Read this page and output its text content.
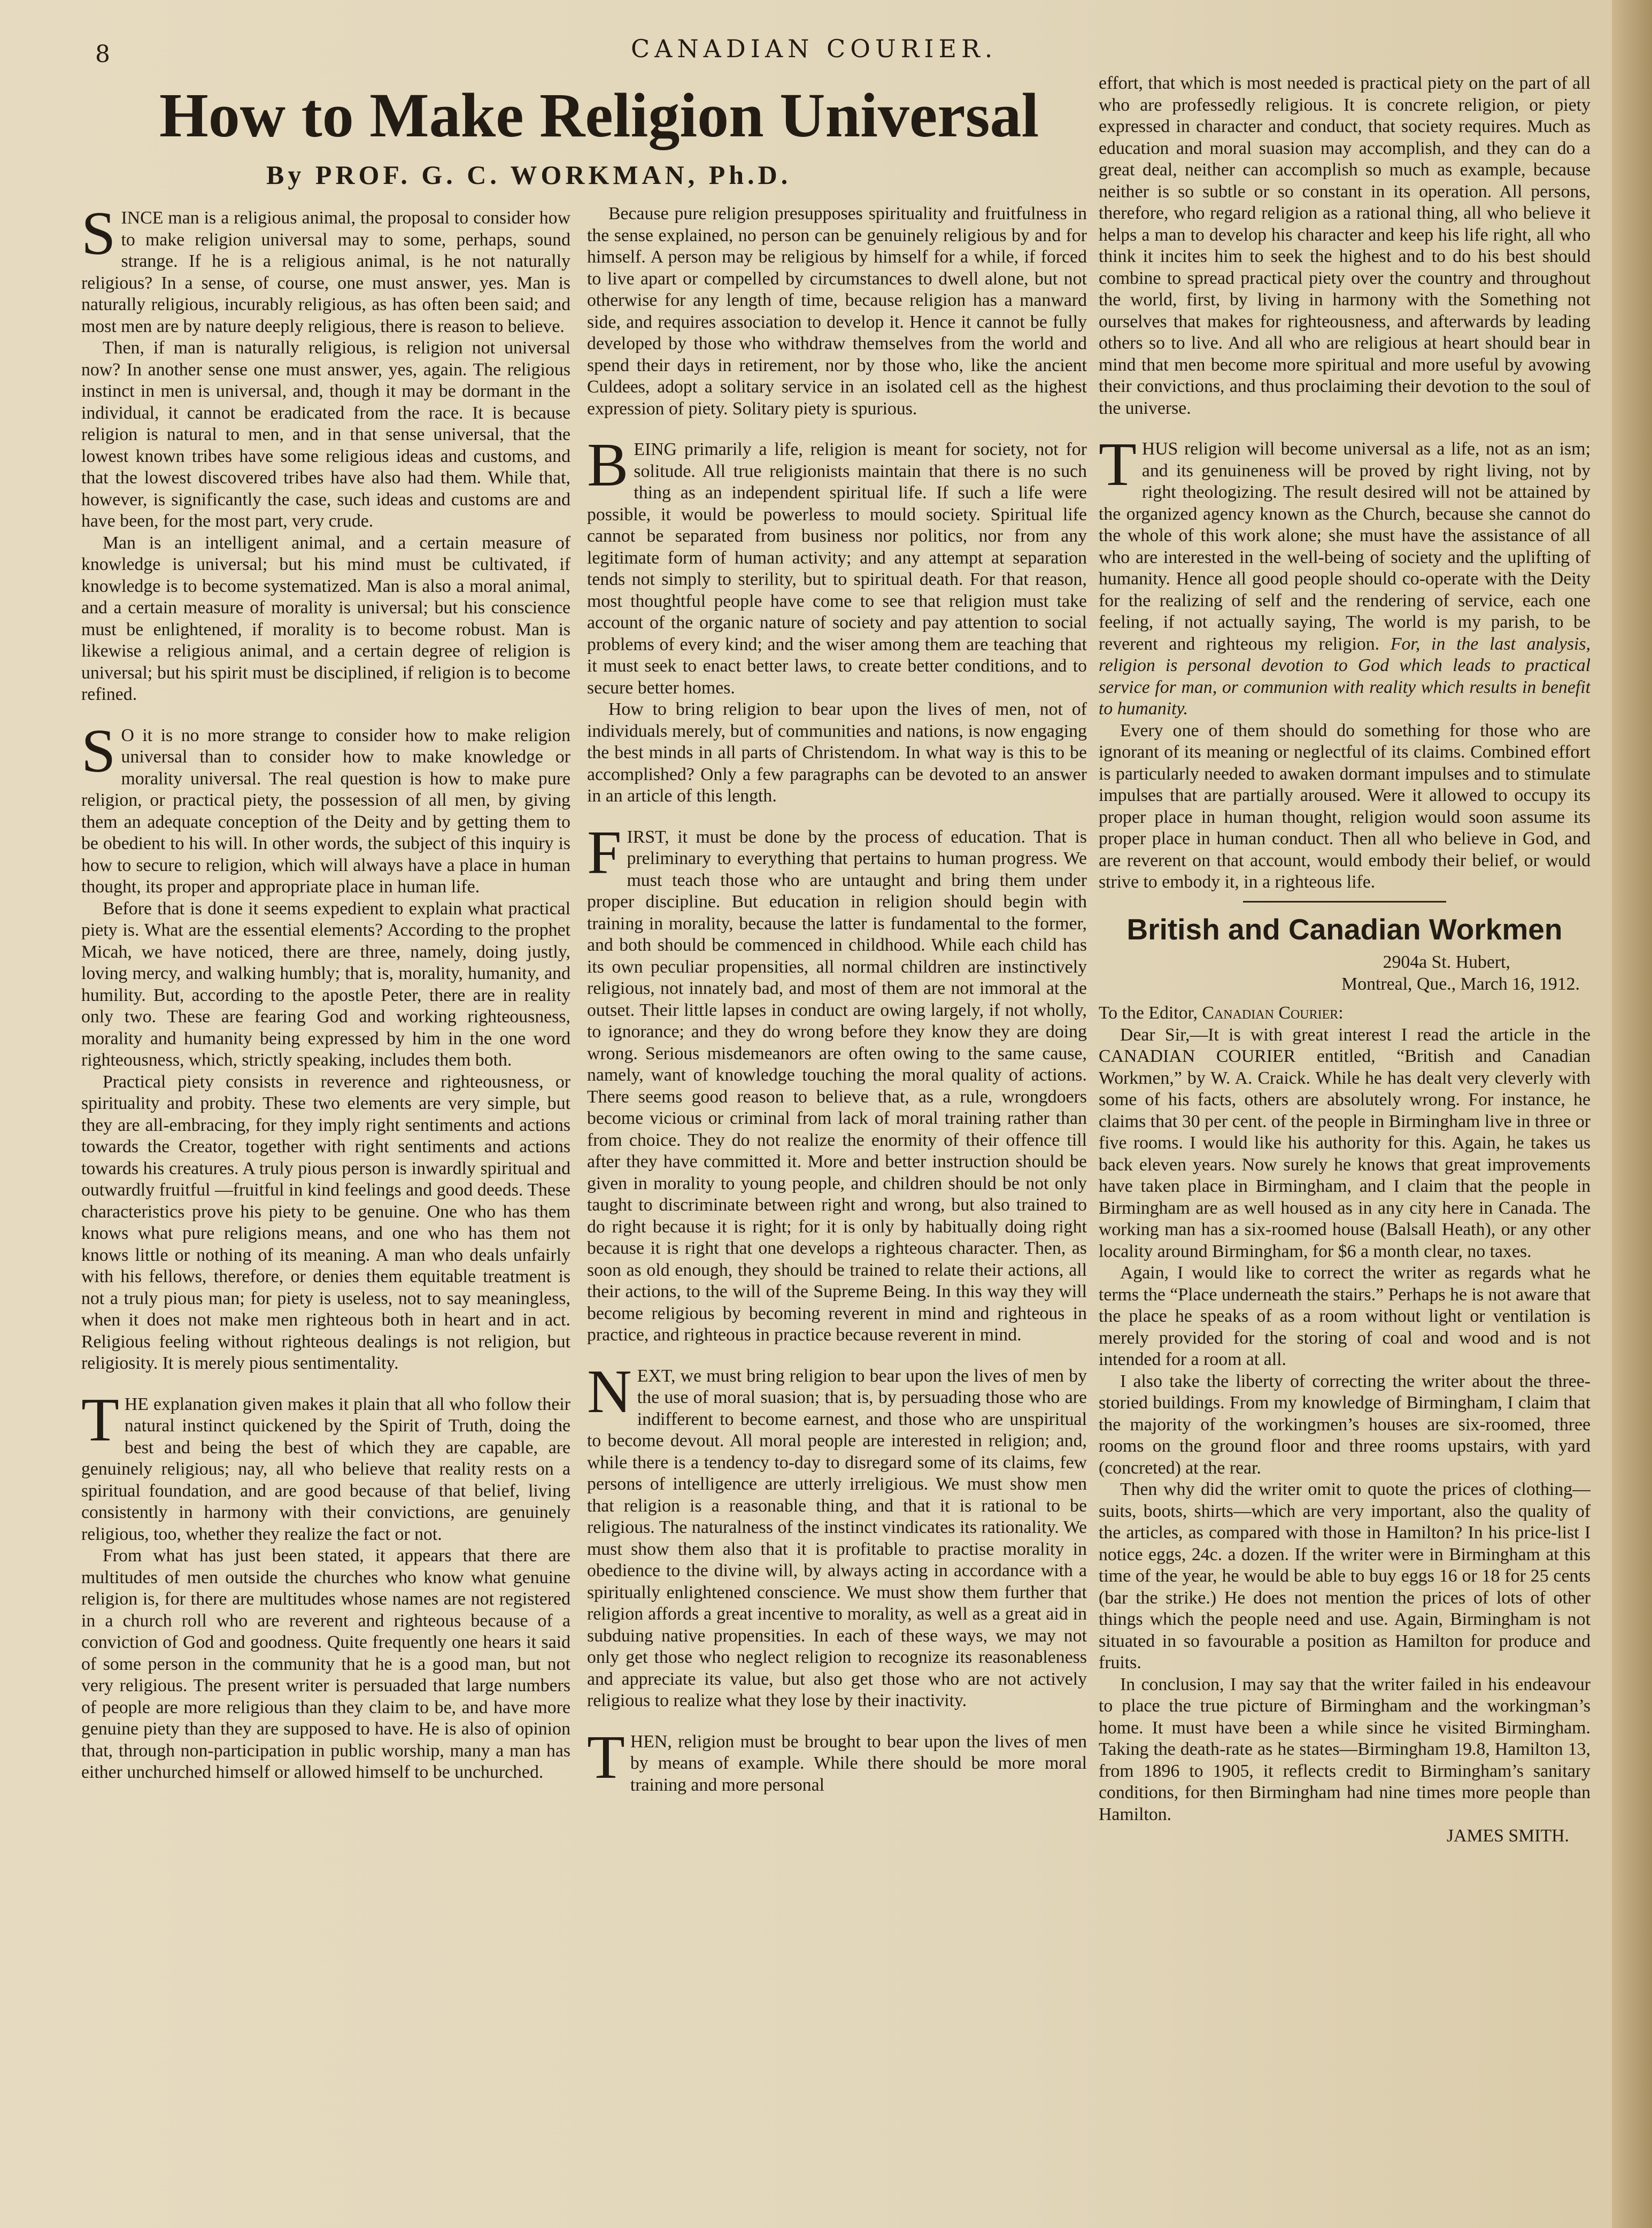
8	CANADIAN COURIER.
How to Make Religion Universal
By PROF. G. C. WORKMAN, Ph.D.

SINCE man is a religious animal, the proposal to consider how to make religion universal may to some, perhaps, sound strange. If he is a religious animal, is he not naturally religious? In a sense, of course, one must answer, yes. Man is naturally religious, incurably religious, as has often been said; and most men are by nature deeply religious, there is reason to believe.

Then, if man is naturally religious, is religion not universal now? In another sense one must answer, yes, again. The religious instinct in men is universal, and, though it may be dormant in the individual, it cannot be eradicated from the race. It is because religion is natural to men, and in that sense universal, that the lowest known tribes have some religious ideas and customs, and that the lowest discovered tribes have also had them. While that, however, is significantly the case, such ideas and customs are and have been, for the most part, very crude.

Man is an intelligent animal, and a certain measure of knowledge is universal; but his mind must be cultivated, if knowledge is to become systematized. Man is also a moral animal, and a certain measure of morality is universal; but his conscience must be enlightened, if morality is to become robust. Man is likewise a religious animal, and a certain degree of religion is universal; but his spirit must be disciplined, if religion is to become refined.

S O it is no more strange to consider how to make religion universal than to consider how to make knowledge or morality universal. The real question is how to make pure religion, or practical piety, the possession of all men, by giving them an adequate conception of the Deity and by getting them to be obedient to his will. In other words, the subject of this inquiry is how to secure to religion, which will always have a place in human thought, its proper and appropriate place in human life.

Before that is done it seems expedient to explain what practical piety is. What are the essential elements? According to the prophet Micah, we have noticed, there are three, namely, doing justly, loving mercy, and walking humbly; that is, morality, humanity, and humility. But, according to the apostle Peter, there are in reality only two. These are fearing God and working righteousness, morality and humanity being expressed by him in the one word righteousness, which, strictly speaking, includes them both.

Practical piety consists in reverence and righteousness, or spirituality and probity. These two elements are very simple, but they are all-embracing, for they imply right sentiments and actions towards the Creator, together with right sentiments and actions towards his creatures. A truly pious person is inwardly spiritual and outwardly fruitful —fruitful in kind feelings and good deeds. These characteristics prove his piety to be genuine. One who has them knows what pure religions means, and one who has them not knows little or nothing of its meaning. A man who deals unfairly with his fellows, therefore, or denies them equitable treatment is not a truly pious man; for piety is useless, not to say meaningless, when it does not make men righteous both in heart and in act. Religious feeling without righteous dealings is not religion, but religiosity. It is merely pious sentimentality.

THE explanation given makes it plain that all who follow their natural instinct quickened by the Spirit of Truth, doing the best and being the best of which they are capable, are genuinely religious; nay, all who believe that reality rests on a spiritual foundation, and are good because of that belief, living consistently in harmony with their convictions, are genuinely religious, too, whether they realize the fact or not.

From what has just been stated, it appears that there are multitudes of men outside the churches who know what genuine religion is, for there are multitudes whose names are not registered in a church roll who are reverent and righteous because of a conviction of God and goodness. Quite frequently one hears it said of some person in the community that he is a good man, but not very religious. The present writer is persuaded that large numbers of people are more religious than they claim to be, and have more genuine piety than they are supposed to have. He is also of opinion that, through non-participation in public worship, many a man has either unchurched himself or allowed himself to be unchurched.

Because pure religion presupposes spirituality and fruitfulness in the sense explained, no person can be genuinely religious by and for himself. A person may be religious by himself for a while, if forced to live apart or compelled by circumstances to dwell alone, but not otherwise for any length of time, because religion has a manward side, and requires association to develop it. Hence it cannot be fully developed by those who withdraw themselves from the world and spend their days in retirement, nor by those who, like the ancient Culdees, adopt a solitary service in an isolated cell as the highest expression of piety. Solitary piety is spurious.

BEING primarily a life, religion is meant for society, not for solitude. All true religionists maintain that there is no such thing as an independent spiritual life. If such a life were possible, it would be powerless to mould society. Spiritual life cannot be separated from business nor politics, nor from any legitimate form of human activity; and any attempt at separation tends not simply to sterility, but to spiritual death. For that reason, most thoughtful people have come to see that religion must take account of the organic nature of society and pay attention to social problems of every kind; and the wiser among them are teaching that it must seek to enact better laws, to create better conditions, and to secure better homes.

How to bring religion to bear upon the lives of men, not of individuals merely, but of communities and nations, is now engaging the best minds in all parts of Christendom. In what way is this to be accomplished? Only a few paragraphs can be devoted to an answer in an article of this length.

FIRST, it must be done by the process of education. That is preliminary to everything that pertains to human progress. We must teach those who are untaught and bring them under proper discipline. But education in religion should begin with training in morality, because the latter is fundamental to the former, and both should be commenced in childhood. While each child has its own peculiar propensities, all normal children are instinctively religious, not innately bad, and most of them are not immoral at the outset. Their little lapses in conduct are owing largely, if not wholly, to ignorance; and they do wrong before they know they are doing wrong. Serious misdemeanors are often owing to the same cause, namely, want of knowledge touching the moral quality of actions. There seems good reason to believe that, as a rule, wrongdoers become vicious or criminal from lack of moral training rather than from choice. They do not realize the enormity of their offence till after they have committed it. More and better instruction should be given in morality to young people, and children should be not only taught to discriminate between right and wrong, but also trained to do right because it is right; for it is only by habitually doing right because it is right that one develops a righteous character. Then, as soon as old enough, they should be trained to relate their actions, all their actions, to the will of the Supreme Being. In this way they will become religious by becoming reverent in mind and righteous in practice, and righteous in practice because reverent in mind.

NEXT, we must bring religion to bear upon the lives of men by the use of moral suasion; that is, by persuading those who are indifferent to become earnest, and those who are unspiritual to become devout. All moral people are interested in religion; and, while there is a tendency to-day to disregard some of its claims, few persons of intelligence are utterly irreligious. We must show men that religion is a reasonable thing, and that it is rational to be religious. The naturalness of the instinct vindicates its rationality. We must show them also that it is profitable to practise morality in obedience to the divine will, by always acting in accordance with a spiritually enlightened conscience. We must show them further that religion affords a great incentive to morality, as well as a great aid in subduing native propensities. In each of these ways, we may not only get those who neglect religion to recognize its reasonableness and appreciate its value, but also get those who are not actively religious to realize what they lose by their inactivity.

THEN, religion must be brought to bear upon the lives of men by means of example. While there should be more moral training and more personal

effort, that which is most needed is practical piety on the part of all who are professedly religious. It is concrete religion, or piety expressed in character and conduct, that society requires. Much as education and moral suasion may accomplish, and they can do a great deal, neither can accomplish so much as example, because neither is so subtle or so constant in its operation. All persons, therefore, who regard religion as a rational thing, all who believe it helps a man to develop his character and keep his life right, all who think it incites him to seek the highest and to do his best should combine to spread practical piety over the country and throughout the world, first, by living in harmony with the Something not ourselves that makes for righteousness, and afterwards by leading others so to live. And all who are religious at heart should bear in mind that men become more spiritual and more useful by avowing their convictions, and thus proclaiming their devotion to the soul of the universe.

THUS religion will become universal as a life, not as an ism; and its genuineness will be proved by right living, not by right theologizing. The result desired will not be attained by the organized agency known as the Church, because she cannot do the whole of this work alone; she must have the assistance of all who are interested in the well-being of society and the uplifting of humanity. Hence all good people should co-operate with the Deity for the realizing of self and the rendering of service, each one feeling, if not actually saying, The world is my parish, to be reverent and righteous my religion. For, in the last analysis, religion is personal devotion to God which leads to practical service for man, or communion with reality which results in benefit to humanity.

Every one of them should do something for those who are ignorant of its meaning or neglectful of its claims. Combined effort is particularly needed to awaken dormant impulses and to stimulate impulses that are partially aroused. Were it allowed to occupy its proper place in human thought, religion would soon assume its proper place in human conduct. Then all who believe in God, and are reverent on that account, would embody their belief, or would strive to embody it, in a righteous life.

British and Canadian Workmen

2904a St. Hubert,

Montreal, Que., March 16, 1912.

To the Editor, Canadian Courier:

Dear Sir,—It is with great interest I read the article in the CANADIAN COURIER entitled, “British and Canadian Workmen,” by W. A. Craick. While he has dealt very cleverly with some of his facts, others are absolutely wrong. For instance, he claims that 30 per cent. of the people in Birmingham live in three or five rooms. I would like his authority for this. Again, he takes us back eleven years. Now surely he knows that great improvements have taken place in Birmingham, and I claim that the people in Birmingham are as well housed as in any city here in Canada. The working man has a six-roomed house (Balsall Heath), or any other locality around Birmingham, for $6 a month clear, no taxes.

Again, I would like to correct the writer as regards what he terms the “Place underneath the stairs.” Perhaps he is not aware that the place he speaks of as a room without light or ventilation is merely provided for the storing of coal and wood and is not intended for a room at all.

I also take the liberty of correcting the writer about the three-storied buildings. From my knowledge of Birmingham, I claim that the majority of the workingmen’s houses are six-roomed, three rooms on the ground floor and three rooms upstairs, with yard (concreted) at the rear.

Then why did the writer omit to quote the prices of clothing—suits, boots, shirts—which are very important, also the quality of the articles, as compared with those in Hamilton? In his price-list I notice eggs, 24c. a dozen. If the writer were in Birmingham at this time of the year, he would be able to buy eggs 16 or 18 for 25 cents (bar the strike.) He does not mention the prices of lots of other things which the people need and use. Again, Birmingham is not situated in so favourable a position as Hamilton for produce and fruits.

In conclusion, I may say that the writer failed in his endeavour to place the true picture of Birmingham and the workingman’s home. It must have been a while since he visited Birmingham. Taking the death-rate as he states—Birmingham 19.8, Hamilton 13, from 1896 to 1905, it reflects credit to Birmingham’s sanitary conditions, for then Birmingham had nine times more people than Hamilton.

JAMES SMITH.
